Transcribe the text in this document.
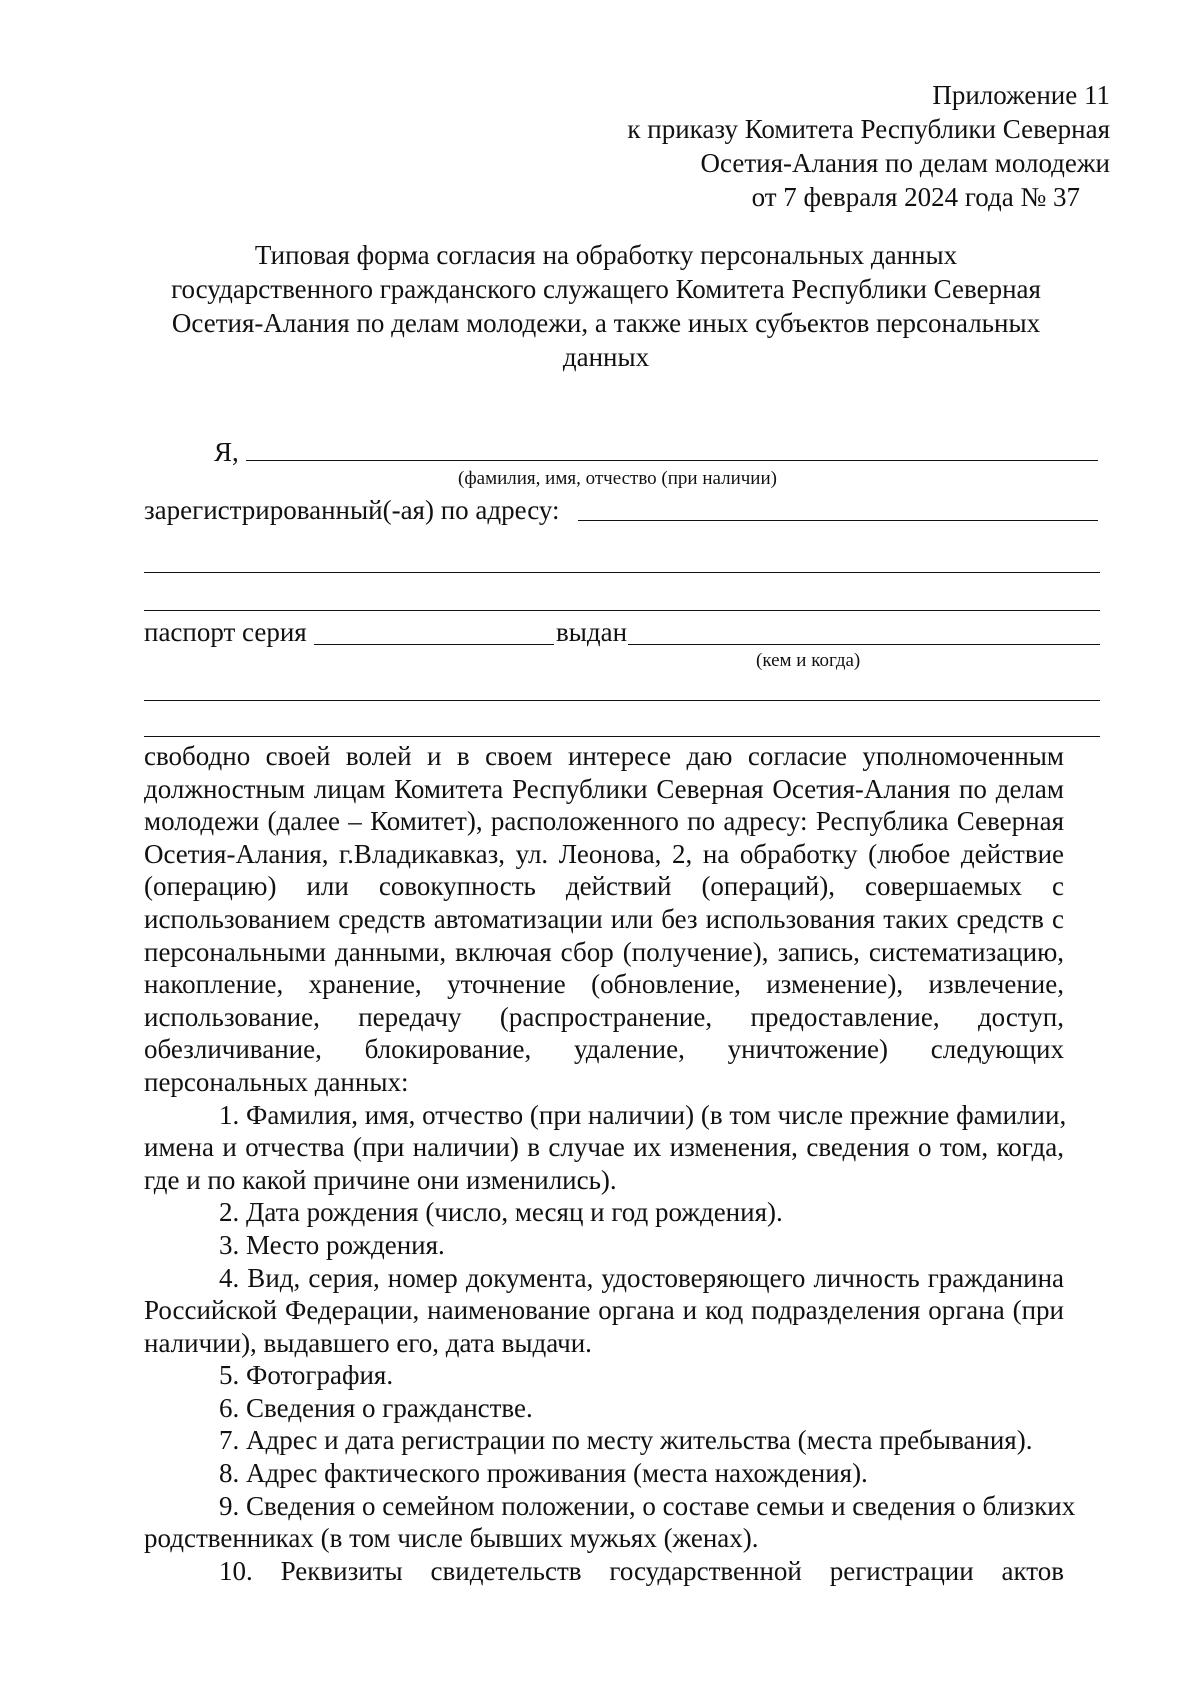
Приложение 11
к приказу Комитета Республики Северная
Осетия-Алания по делам молодежи
от 7 февраля 2024 года № 37
Типовая форма согласия на обработку персональных данных
государственного гражданского служащего Комитета Республики Северная
Осетия-Алания по делам молодежи, а также иных субъектов персональных
данных
Я,
(фамилия, имя, отчество (при наличии)
зарегистрированный(-ая) по адресу:
паспорт серия	выдан
(кем и когда)
свободно своей волей и в своем интересе даю согласие уполномоченным
должностным лицам Комитета Республики Северная Осетия-Алания по делам
молодежи (далее – Комитет), расположенного по адресу: Республика Северная
Осетия-Алания, г.Владикавказ, ул. Леонова, 2, на обработку (любое действие
(операцию) или совокупность действий (операций), совершаемых с
использованием средств автоматизации или без использования таких средств с
персональными данными, включая сбор (получение), запись, систематизацию,
накопление, хранение, уточнение (обновление, изменение), извлечение,
использование, передачу (распространение, предоставление, доступ,
обезличивание, блокирование, удаление, уничтожение) следующих
персональных данных:
1. Фамилия, имя, отчество (при наличии) (в том числе прежние фамилии,
имена и отчества (при наличии) в случае их изменения, сведения о том, когда,
где и по какой причине они изменились).
2. Дата рождения (число, месяц и год рождения).
3. Место рождения.
4. Вид, серия, номер документа, удостоверяющего личность гражданина
Российской Федерации, наименование органа и код подразделения органа (при
наличии), выдавшего его, дата выдачи.
5. Фотография.
6. Сведения о гражданстве.
7. Адрес и дата регистрации по месту жительства (места пребывания).
8. Адрес фактического проживания (места нахождения).
9. Сведения о семейном положении, о составе семьи и сведения о близких
родственниках (в том числе бывших мужьях (женах).
10. Реквизиты свидетельств государственной регистрации актов
